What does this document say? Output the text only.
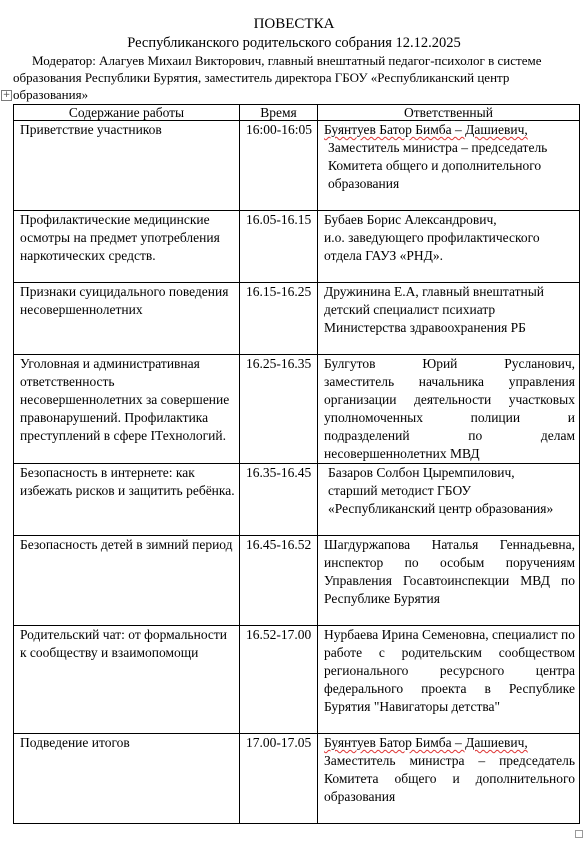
ПОВЕСТКА
Республиканского родительского собрания 12.12.2025
Модератор: Алагуев Михаил Викторович, главный внештатный педагог-психолог в системе образования Республики Бурятия, заместитель директора ГБОУ «Республиканский центр образования»
+
Содержание работы	Время	Ответственный
Приветствие участников	16:00-16:05	Буянтуев Батор Бимба – Дашиевич,
Заместитель министра – председатель Комитета общего и дополнительного образования

Профилактические медицинские осмотры на предмет употребления наркотических средств.	16.05-16.15	Бубаев Борис Александрович,
и.о. заведующего профилактического отдела ГАУЗ «РНД».

Признаки суицидального поведения несовершеннолетних	16.15-16.25	Дружинина Е.А, главный внештатный детский специалист психиатр Министерства здравоохранения РБ

Уголовная и административная ответственность несовершеннолетних за совершение правонарушений. Профилактика преступлений в сфере IТехнологий.	16.25-16.35	Булгутов Юрий Русланович,
заместитель начальника управления организации деятельности участковых уполномоченных полиции и подразделений по делам несовершеннолетних МВД

Безопасность в интернете: как избежать рисков и защитить ребёнка.	16.35-16.45	Базаров Солбон Цыремпилович,
старший методист ГБОУ «Республиканский центр образования»

Безопасность детей в зимний период	16.45-16.52	Шагдуржапова Наталья Геннадьевна, инспектор по особым поручениям Управления Госавтоинспекции МВД по Республике Бурятия
Родительский чат: от формальности к сообществу и взаимопомощи	16.52-17.00	Нурбаева Ирина Семеновна, специалист по работе с родительским сообществом регионального ресурсного центра федерального проекта в Республике Бурятия "Навигаторы детства"
Подведение итогов	17.00-17.05	Буянтуев Батор Бимба – Дашиевич,
Заместитель министра – председатель Комитета общего и дополнительного образования
